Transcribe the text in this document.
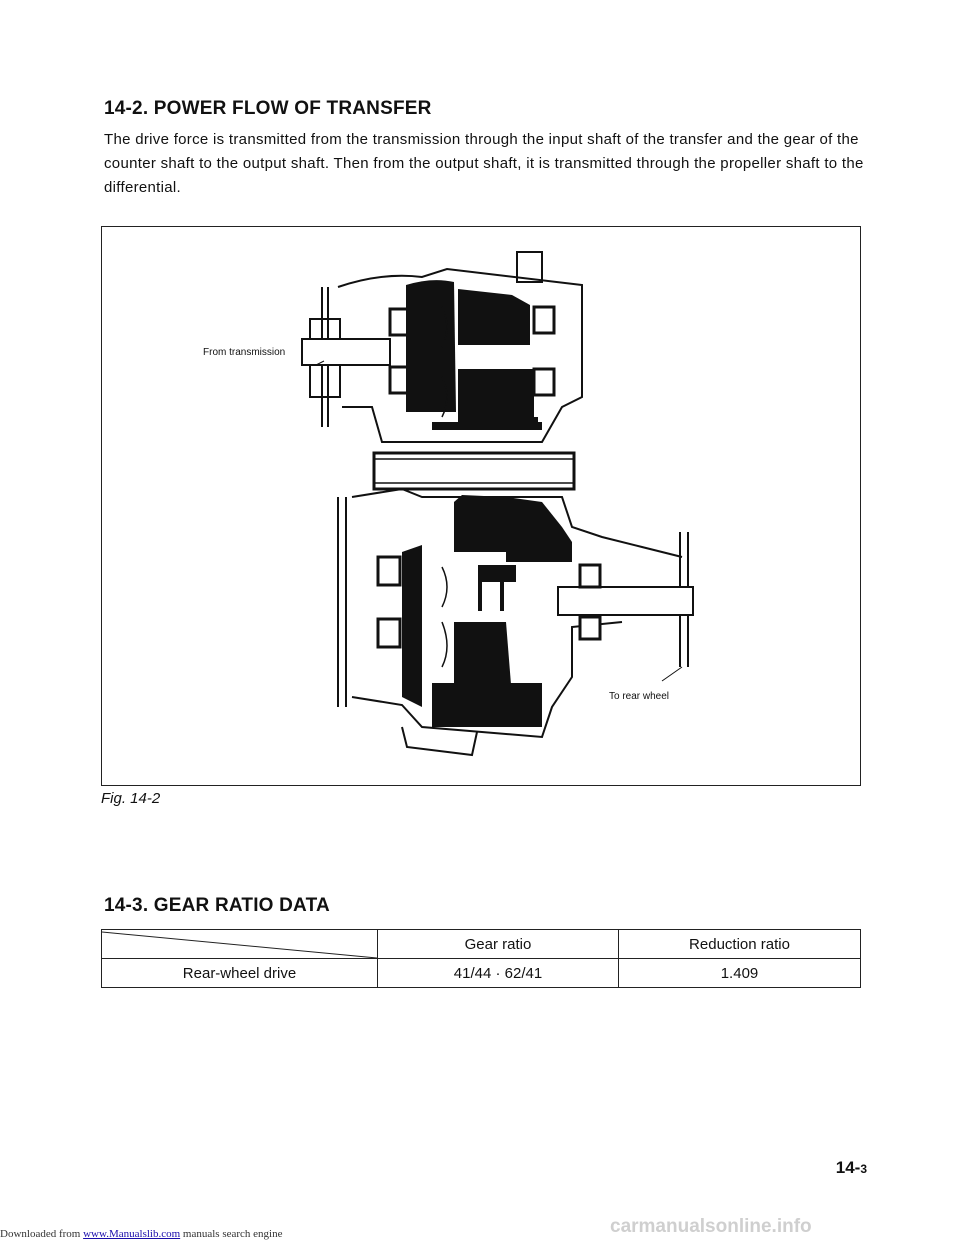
14-2. POWER FLOW OF TRANSFER
The drive force is transmitted from the transmission through the input shaft of the transfer and the gear of the counter shaft to the output shaft. Then from the output shaft, it is transmitted through the propeller shaft to the differential.
From transmission
To rear wheel
Fig. 14-2
14-3. GEAR RATIO DATA
	Gear ratio	Reduction ratio
Rear-wheel drive	41/44 · 62/41	1.409
14-3
carmanualsonline.info
Downloaded from www.Manualslib.com manuals search engine
